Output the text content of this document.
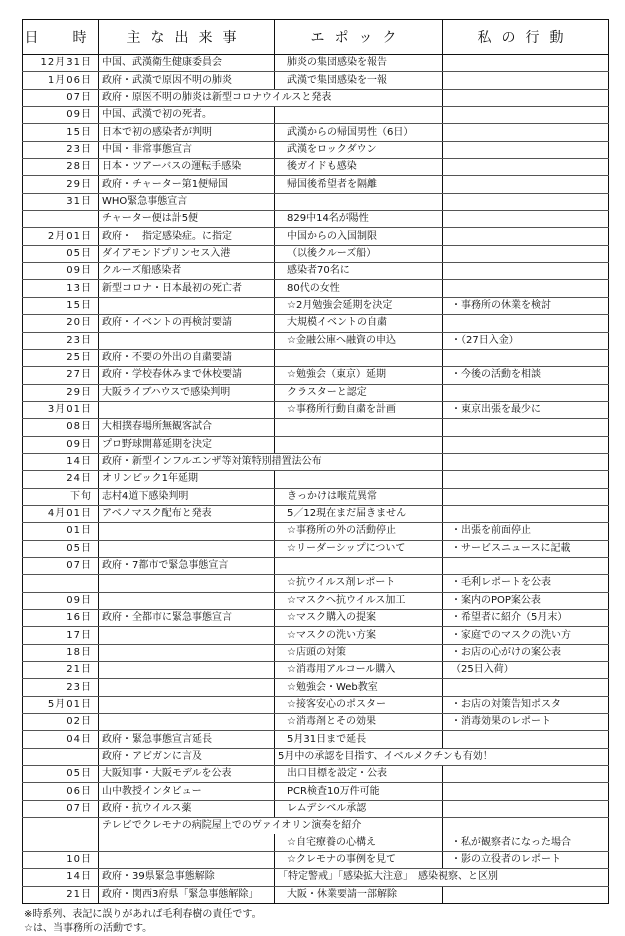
日　時	主な出来事	エポック	私の行動
12月31日	中国、武漢衛生健康委員会	肺炎の集団感染を報告	
1月06日	政府・武漢で原因不明の肺炎	武漢で集団感染を一報	
07日	政府・原医不明の肺炎は新型コロナウイルスと発表		
09日	中国、武漢で初の死者。		
15日	日本で初の感染者が判明	武漢からの帰国男性（6日）	
23日	中国・非常事態宣言	武漢をロックダウン	
28日	日本・ツアーバスの運転手感染	後ガイドも感染	
29日	政府・チャーター第1便帰国	帰国後希望者を隔離	
31日	WHO緊急事態宣言		
	チャーター便は計5便	829中14名が陽性	
2月01日	政府・　指定感染症。に指定	中国からの入国制限	
05日	ダイアモンドプリンセス入港	（以後クルーズ船）	
09日	クルーズ船感染者	感染者70名に	
13日	新型コロナ・日本最初の死亡者	80代の女性	
15日		☆2月勉強会延期を決定	・事務所の休業を検討
20日	政府・イベントの再検討要請	大規模イベントの自粛	
23日		☆金融公庫へ融資の申込	・（27日入金）
25日	政府・不要の外出の自粛要請		
27日	政府・学校春休みまで休校要請	☆勉強会（東京）延期	・今後の活動を相談
29日	大阪ライブハウスで感染判明	クラスターと認定	
3月01日		☆事務所行動自粛を計画	・東京出張を最少に
08日	大相撲春場所無観客試合		
09日	プロ野球開幕延期を決定		
14日	政府・新型インフルエンザ等対策特別措置法公布		
24日	オリンピック1年延期		
下旬	志村4道下感染判明	きっかけは喉荒異常	
4月01日	アベノマスク配布と発表	5／12現在まだ届きません	
01日		☆事務所の外の活動停止	・出張を前面停止
05日		☆リーダーシップについて	・サービスニュースに記載
07日	政府・7都市で緊急事態宣言		
		☆抗ウイルス剤レポート	・毛利レポートを公表
09日		☆マスクへ抗ウイルス加工	・案内のPOP案公表
16日	政府・全都市に緊急事態宣言	☆マスク購入の提案	・希望者に紹介（5月末）
17日		☆マスクの洗い方案	・家庭でのマスクの洗い方
18日		☆店頭の対策	・お店の心がけの案公表
21日		☆消毒用アルコール購入	（25日入荷）
23日		☆勉強会・Web教室	
5月01日		☆接客安心のポスター	・お店の対策告知ポスタ
02日		☆消毒剤とその効果	・消毒効果のレポート
04日	政府・緊急事態宣言延長	5月31日まで延長	
	政府・アビガンに言及	5月中の承認を目指す、イベルメクチンも有効！	
05日	大阪知事・大阪モデルを公表	出口目標を設定・公表	
06日	山中教授インタビュー	PCR検査10万件可能	
07日	政府・抗ウイルス薬	レムデシベル承認	
	テレビでクレモナの病院屋上でのヴァイオリン演奏を紹介		
		☆自宅療養の心構え	・私が観察者になった場合
10日		☆クレモナの事例を見て	・影の立役者のレポート
14日	政府・39県緊急事態解除	「特定警戒」「感染拡大注意」　感染視察、と区別	
21日	政府・関西3府県「緊急事態解除」	大阪・休業要請一部解除	
※時系列、表記に誤りがあれば毛利春樹の責任です。
☆は、当事務所の活動です。
